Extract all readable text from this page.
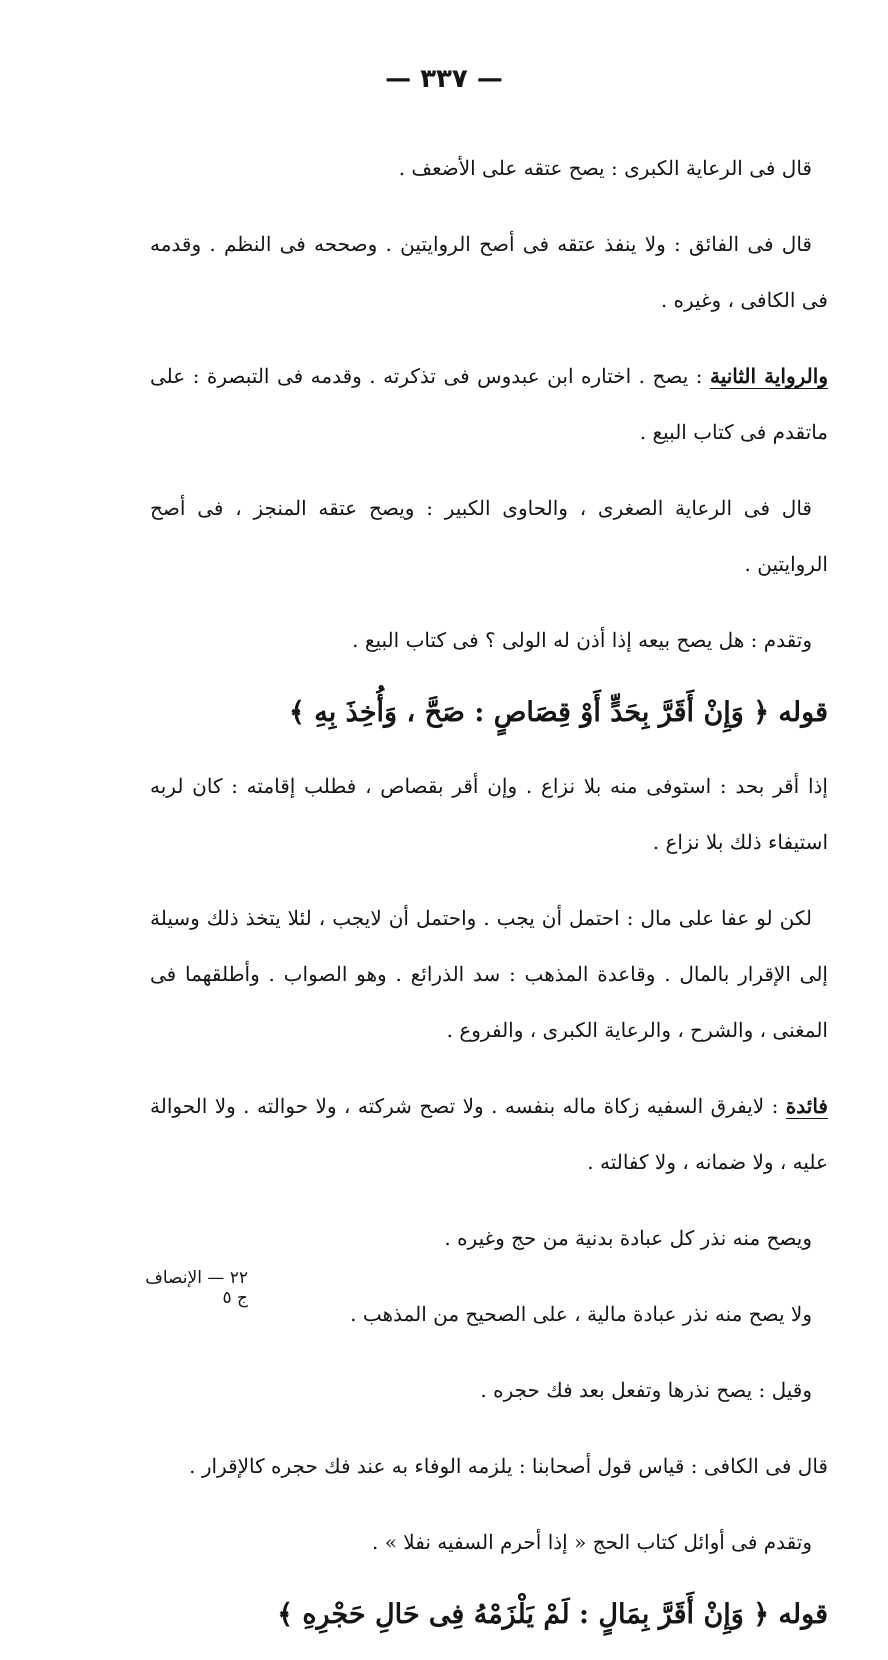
— ٣٣٧ —

قال فى الرعاية الكبرى : يصح عتقه على الأضعف .

قال فى الفائق : ولا ينفذ عتقه فى أصح الروايتين . وصححه فى النظم . وقدمه فى الكافى ، وغيره .

والرواية الثانية : يصح . اختاره ابن عبدوس فى تذكرته . وقدمه فى التبصرة : على ماتقدم فى كتاب البيع .

قال فى الرعاية الصغرى ، والحاوى الكبير : ويصح عتقه المنجز ، فى أصح الروايتين .

وتقدم : هل يصح بيعه إذا أذن له الولى ؟ فى كتاب البيع .

قوله ﴿ وَإِنْ أَقَرَّ بِحَدٍّ أَوْ قِصَاصٍ : صَحَّ ، وَأُخِذَ بِهِ ﴾

إذا أقر بحد : استوفى منه بلا نزاع . وإن أقر بقصاص ، فطلب إقامته : كان لربه استيفاء ذلك بلا نزاع .

لكن لو عفا على مال : احتمل أن يجب . واحتمل أن لايجب ، لئلا يتخذ ذلك وسيلة إلى الإقرار بالمال . وقاعدة المذهب : سد الذرائع . وهو الصواب . وأطلقهما فى المغنى ، والشرح ، والرعاية الكبرى ، والفروع .

فائدة : لايفرق السفيه زكاة ماله بنفسه . ولا تصح شركته ، ولا حوالته . ولا الحوالة عليه ، ولا ضمانه ، ولا كفالته .

ويصح منه نذر كل عبادة بدنية من حج وغيره .

ولا يصح منه نذر عبادة مالية ، على الصحيح من المذهب .

وقيل : يصح نذرها وتفعل بعد فك حجره .

قال فى الكافى : قياس قول أصحابنا : يلزمه الوفاء به عند فك حجره كالإقرار .

وتقدم فى أوائل كتاب الحج « إذا أحرم السفيه نفلا » .

قوله ﴿ وَإِنْ أَقَرَّ بِمَالٍ : لَمْ يَلْزَمْهُ فِى حَالِ حَجْرِهِ ﴾

٢٢ — الإنصاف ج ٥
